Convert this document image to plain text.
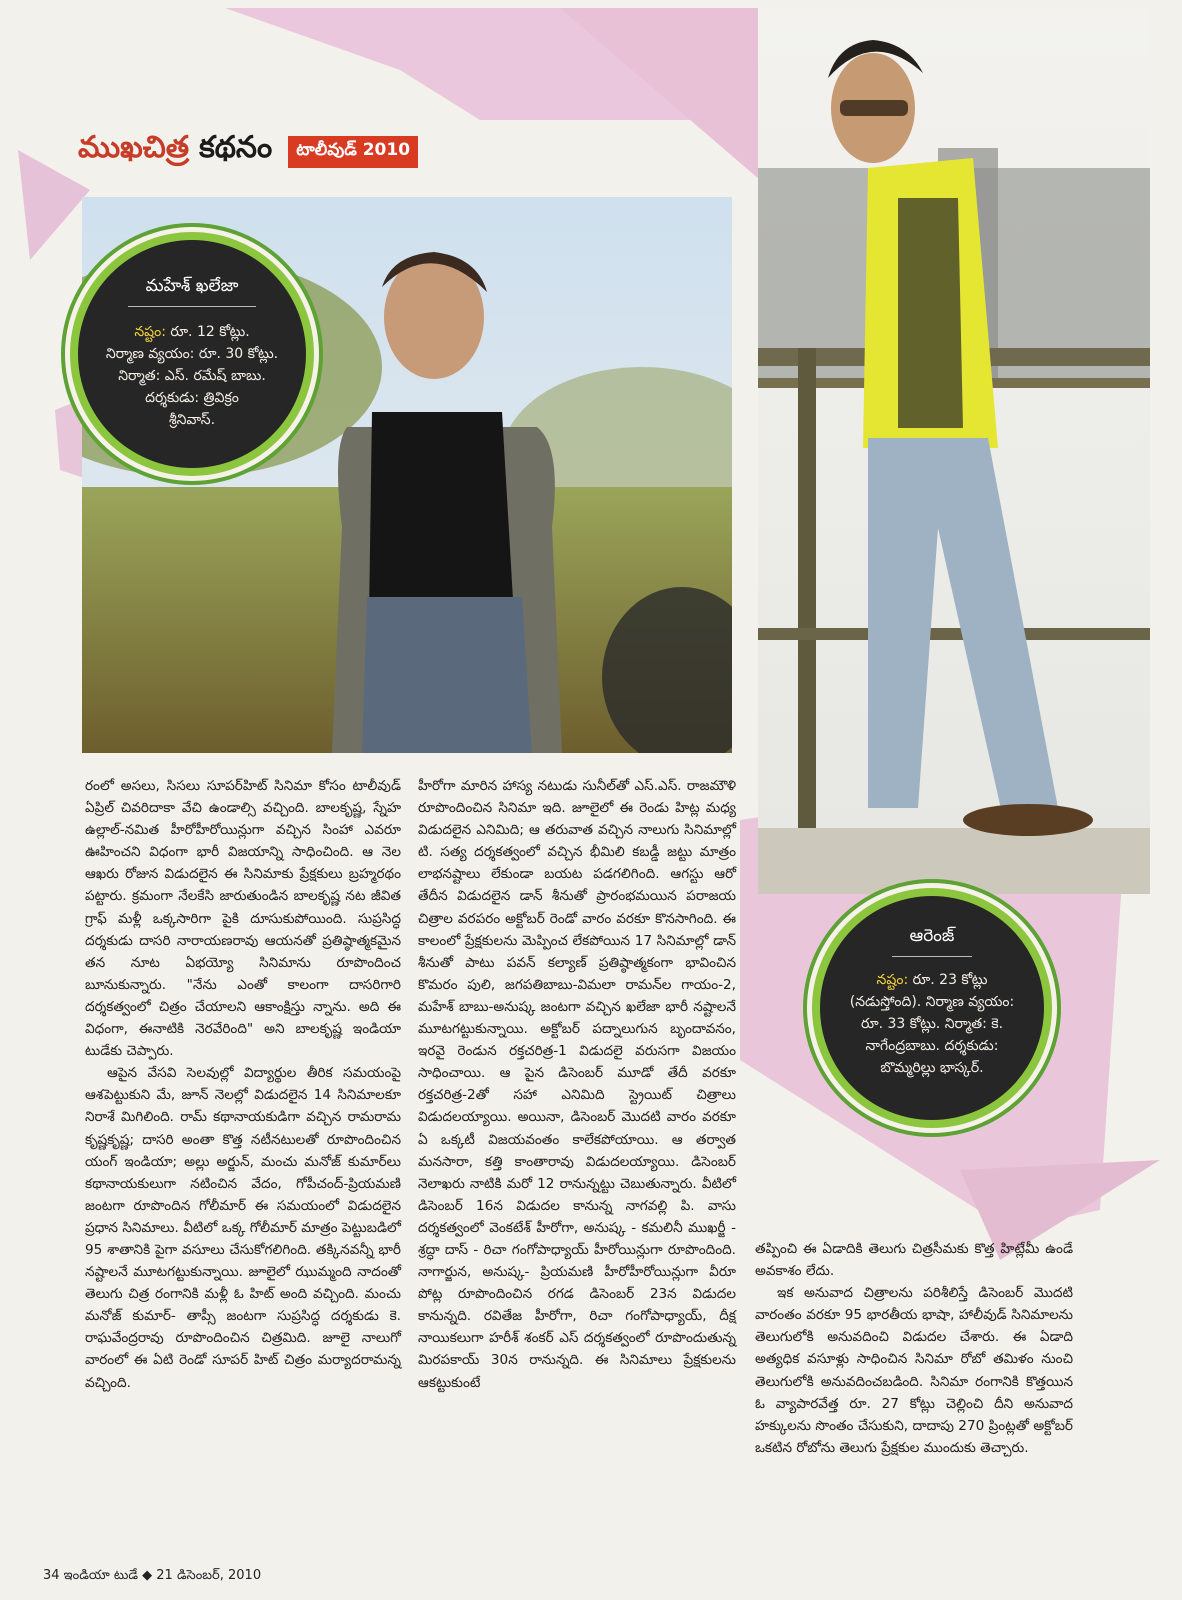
ముఖచిత్ర కథనం	టాలీవుడ్ 2010
మహేశ్ ఖలేజా
నష్టం: రూ. 12 కోట్లు.
నిర్మాణ వ్యయం: రూ. 30 కోట్లు.
నిర్మాత: ఎస్. రమేష్ బాబు.
దర్శకుడు: త్రివిక్రం
శ్రీనివాస్.
ఆరెంజ్
నష్టం: రూ. 23 కోట్లు
(నడుస్తోంది). నిర్మాణ వ్యయం:
రూ. 33 కోట్లు. నిర్మాత: కె.
నాగేంద్రబాబు. దర్శకుడు:
బొమ్మరిల్లు భాస్కర్.

రంలో అసలు, సిసలు సూపర్‌హిట్ సినిమా కోసం టాలీవుడ్ ఏప్రిల్ చివరిదాకా వేచి ఉండాల్సి వచ్చింది. బాలకృష్ణ, స్నేహ ఉల్లాల్-నమిత హీరోహీరోయిన్లుగా వచ్చిన సింహా ఎవరూ ఊహించని విధంగా భారీ విజయాన్ని సాధించింది. ఆ నెల ఆఖరు రోజున విడుదలైన ఈ సినిమాకు ప్రేక్షకులు బ్రహ్మరథం పట్టారు. క్రమంగా నేలకేసి జారుతుండిన బాలకృష్ణ నట జీవిత గ్రాఫ్ మళ్లీ ఒక్కసారిగా పైకి దూసుకుపోయింది. సుప్రసిద్ధ దర్శకుడు దాసరి నారాయణరావు ఆయనతో ప్రతిష్ఠాత్మకమైన తన నూట ఏభయ్యో సినిమాను రూపొందించ బూనుకున్నారు. "నేను ఎంతో కాలంగా దాసరిగారి దర్శకత్వంలో చిత్రం చేయాలని ఆకాంక్షిస్తు న్నాను. అది ఈ విధంగా, ఈనాటికి నెరవేరింది" అని బాలకృష్ణ ఇండియా టుడేకు చెప్పారు.

ఆపైన వేసవి సెలవుల్లో విద్యార్థుల తీరిక సమయంపై ఆశపెట్టుకుని మే, జూన్ నెలల్లో విడుదలైన 14 సినిమాలకూ నిరాశే మిగిలింది. రామ్ కథానాయకుడిగా వచ్చిన రామరామ కృష్ణకృష్ణ; దాసరి అంతా కొత్త నటీనటులతో రూపొందించిన యంగ్ ఇండియా; అల్లు అర్జున్, మంచు మనోజ్ కుమార్‌లు కథానాయకులుగా నటించిన వేదం, గోపీచంద్-ప్రియమణి జంటగా రూపొందిన గోలీమార్ ఈ సమయంలో విడుదలైన ప్రధాన సినిమాలు. వీటిలో ఒక్క గోలీమార్ మాత్రం పెట్టుబడిలో 95 శాతానికి పైగా వసూలు చేసుకోగలిగింది. తక్కినవన్నీ భారీ నష్టాలనే మూటగట్టుకున్నాయి. జూలైలో ఝుమ్మంది నాదంతో తెలుగు చిత్ర రంగానికి మళ్లీ ఓ హిట్ అంది వచ్చింది. మంచు మనోజ్ కుమార్- తాప్సీ జంటగా సుప్రసిద్ధ దర్శకుడు కె. రాఘవేంద్రరావు రూపొందించిన చిత్రమిది. జూలై నాలుగో వారంలో ఈ ఏటి రెండో సూపర్ హిట్ చిత్రం మర్యాదరామన్న వచ్చింది.

హీరోగా మారిన హాస్య నటుడు సునీల్‌తో ఎస్.ఎస్. రాజమౌళి రూపొందించిన సినిమా ఇది. జూలైలో ఈ రెండు హిట్ల మధ్య విడుదలైన ఎనిమిది; ఆ తరువాత వచ్చిన నాలుగు సినిమాల్లో టి. సత్య దర్శకత్వంలో వచ్చిన భీమిలి కబడ్డీ జట్టు మాత్రం లాభనష్టాలు లేకుండా బయట పడగలిగింది. ఆగస్టు ఆరో తేదీన విడుదలైన డాన్ శీనుతో ప్రారంభమయిన పరాజయ చిత్రాల వరపరం అక్టోబర్ రెండో వారం వరకూ కొనసాగింది. ఈ కాలంలో ప్రేక్షకులను మెప్పించ లేకపోయిన 17 సినిమాల్లో డాన్ శీనుతో పాటు పవన్ కల్యాణ్ ప్రతిష్ఠాత్మకంగా భావించిన కొమరం పులి, జగపతిబాబు-విమలా రామన్‌ల గాయం-2, మహేశ్ బాబు-అనుష్క జంటగా వచ్చిన ఖలేజా భారీ నష్టాలనే మూటగట్టుకున్నాయి. అక్టోబర్ పద్నాలుగున బృందావనం, ఇరవై రెండున రక్తచరిత్ర-1 విడుదలై వరుసగా విజయం సాధించాయి. ఆ పైన డిసెంబర్ మూడో తేదీ వరకూ రక్తచరిత్ర-2తో సహా ఎనిమిది స్ట్రెయిట్ చిత్రాలు విడుదలయ్యాయి. అయినా, డిసెంబర్ మొదటి వారం వరకూ ఏ ఒక్కటీ విజయవంతం కాలేకపోయాయి. ఆ తర్వాత మనసారా, కత్తి కాంతారావు విడుదలయ్యాయి. డిసెంబర్ నెలాఖరు నాటికి మరో 12 రానున్నట్టు చెబుతున్నారు. వీటిలో డిసెంబర్ 16న విడుదల కానున్న నాగవల్లి పి. వాసు దర్శకత్వంలో వెంకటేశ్ హీరోగా, అనుష్క - కమలినీ ముఖర్జీ - శ్రద్ధా దాస్ - రిచా గంగోపాధ్యాయ్ హీరోయిన్లుగా రూపొందింది. నాగార్జున, అనుష్క- ప్రియమణి హీరోహీరోయిన్లుగా వీరూ పోట్ల రూపొందించిన రగడ డిసెంబర్ 23న విడుదల కానున్నది. రవితేజ హీరోగా, రిచా గంగోపాధ్యాయ్, దీక్ష నాయికలుగా హరీశ్ శంకర్ ఎస్ దర్శకత్వంలో రూపొందుతున్న మిరపకాయ్ 30న రానున్నది. ఈ సినిమాలు ప్రేక్షకులను ఆకట్టుకుంటే

తప్పించి ఈ ఏడాదికి తెలుగు చిత్రసీమకు కొత్త హిట్లేమీ ఉండే అవకాశం లేదు.

ఇక అనువాద చిత్రాలను పరిశీలిస్తే డిసెంబర్ మొదటి వారంతం వరకూ 95 భారతీయ భాషా, హాలీవుడ్ సినిమాలను తెలుగులోకి అనువదించి విడుదల చేశారు. ఈ ఏడాది అత్యధిక వసూళ్లు సాధించిన సినిమా రోబో తమిళం నుంచి తెలుగులోకి అనువదించబడింది. సినిమా రంగానికి కొత్తయిన ఓ వ్యాపారవేత్త రూ. 27 కోట్లు చెల్లించి దీని అనువాద హక్కులను సొంతం చేసుకుని, దాదాపు 270 ప్రింట్లతో అక్టోబర్ ఒకటిన రోబోను తెలుగు ప్రేక్షకుల ముందుకు తెచ్చారు.

34 ఇండియా టుడే ◆ 21 డిసెంబర్, 2010
